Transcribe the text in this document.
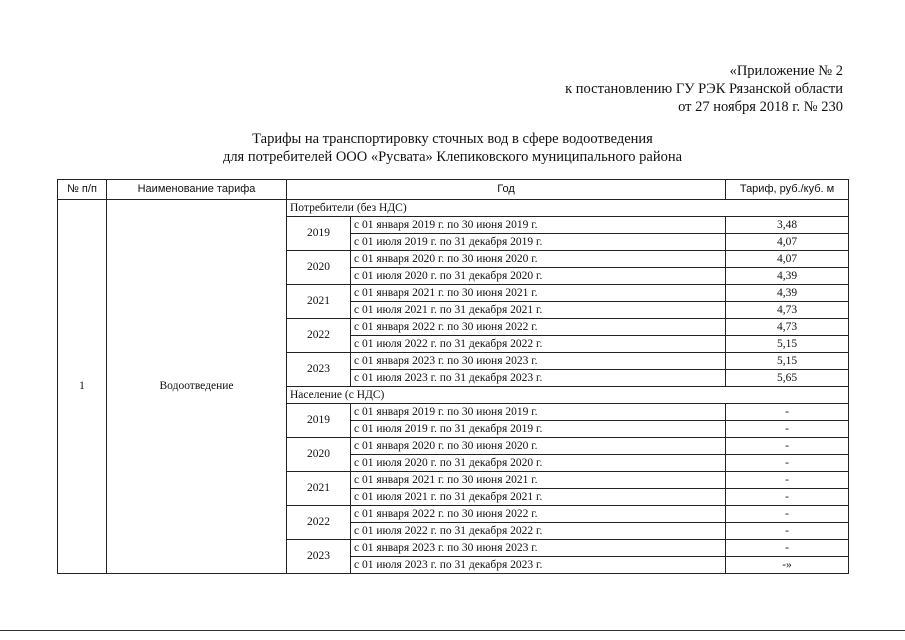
«Приложение № 2
к постановлению ГУ РЭК Рязанской области
от 27 ноября 2018 г. № 230
Тарифы на транспортировку сточных вод в сфере водоотведения
для потребителей ООО «Русвата» Клепиковского муниципального района
№ п/п	Наименование тарифа	Год		Тариф, руб./куб. м
1	Водоотведение	Потребители (без НДС)		
		2019	с 01 января 2019 г. по 30 июня 2019 г.	3,48
			с 01 июля 2019 г. по 31 декабря 2019 г.	4,07
		2020	с 01 января 2020 г. по 30 июня 2020 г.	4,07
			с 01 июля 2020 г. по 31 декабря 2020 г.	4,39
		2021	с 01 января 2021 г. по 30 июня 2021 г.	4,39
			с 01 июля 2021 г. по 31 декабря 2021 г.	4,73
		2022	с 01 января 2022 г. по 30 июня 2022 г.	4,73
			с 01 июля 2022 г. по 31 декабря 2022 г.	5,15
		2023	с 01 января 2023 г. по 30 июня 2023 г.	5,15
			с 01 июля 2023 г. по 31 декабря 2023 г.	5,65
		Население (с НДС)		
		2019	с 01 января 2019 г. по 30 июня 2019 г.	-
			с 01 июля 2019 г. по 31 декабря 2019 г.	-
		2020	с 01 января 2020 г. по 30 июня 2020 г.	-
			с 01 июля 2020 г. по 31 декабря 2020 г.	-
		2021	с 01 января 2021 г. по 30 июня 2021 г.	-
			с 01 июля 2021 г. по 31 декабря 2021 г.	-
		2022	с 01 января 2022 г. по 30 июня 2022 г.	-
			с 01 июля 2022 г. по 31 декабря 2022 г.	-
		2023	с 01 января 2023 г. по 30 июня 2023 г.	-
			с 01 июля 2023 г. по 31 декабря 2023 г.	-»
